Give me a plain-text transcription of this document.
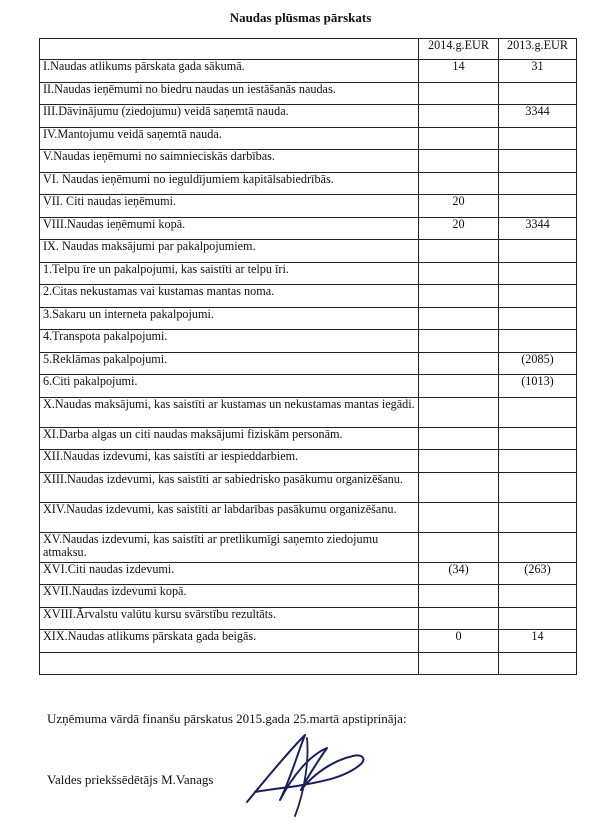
Naudas plūsmas pārskats
	2014.g.EUR	2013.g.EUR
I.Naudas atlikums pārskata gada sākumā.	14	31
II.Naudas ieņēmumi no biedru naudas un iestāšanās naudas.		
III.Dāvinājumu (ziedojumu) veidā saņemtā nauda.		3344
IV.Mantojumu veidā saņemtā nauda.		
V.Naudas ieņēmumi no saimnieciskās darbības.		
VI. Naudas ieņēmumi no ieguldījumiem kapitālsabiedrībās.		
VII. Citi naudas ieņēmumi.	20	
VIII.Naudas ieņēmumi kopā.	20	3344
IX. Naudas maksājumi par pakalpojumiem.		
1.Telpu īre un pakalpojumi, kas saistīti ar telpu īri.		
2.Citas nekustamas vai kustamas mantas noma.		
3.Sakaru un interneta pakalpojumi.		
4.Transpota pakalpojumi.		
5.Reklāmas pakalpojumi.		(2085)
6.Citi pakalpojumi.		(1013)
X.Naudas maksājumi, kas saistīti ar kustamas un nekustamas mantas iegādi.		
XI.Darba algas un citi naudas maksājumi fiziskām personām.		
XII.Naudas izdevumi, kas saistīti ar iespieddarbiem.		
XIII.Naudas izdevumi, kas saistīti ar sabiedrisko pasākumu organizēšanu.		
XIV.Naudas izdevumi, kas saistīti ar labdarības pasākumu organizēšanu.		
XV.Naudas izdevumi, kas saistīti ar pretlikumīgi saņemto ziedojumu atmaksu.		
XVI.Citi naudas izdevumi.	(34)	(263)
XVII.Naudas izdevumi kopā.		
XVIII.Ārvalstu valūtu kursu svārstību rezultāts.		
XIX.Naudas atlikums pārskata gada beigās.	0	14

Uzņēmuma vārdā finanšu pārskatus 2015.gada 25.martā apstiprināja:
Valdes priekšsēdētājs M.Vanags
